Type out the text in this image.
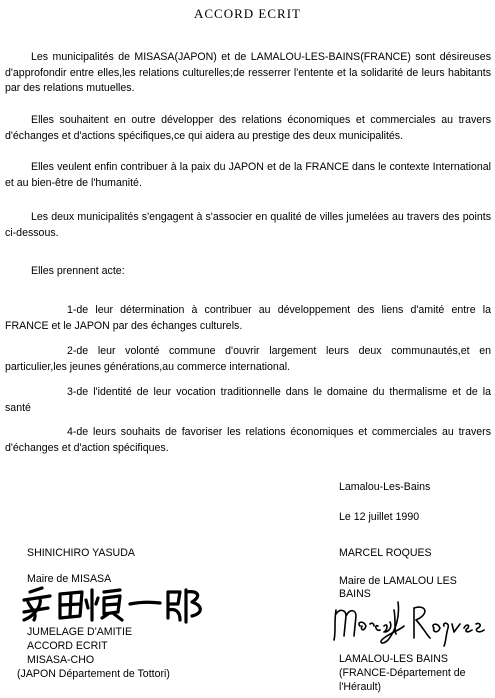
ACCORD ECRIT

Les municipalités de MISASA(JAPON) et de LAMALOU-LES-BAINS(FRANCE) sont désireuses d'approfondir entre elles,les relations culturelles;de resserrer l'entente et la solidarité de leurs habitants par des relations mutuelles.

Elles souhaitent en outre développer des relations économiques et commerciales au travers d'échanges et d'actions spécifiques,ce qui aidera au prestige des deux municipalités.

Elles veulent enfin contribuer à la paix du JAPON et de la FRANCE dans le contexte International et au bien-être de l'humanité.

Les deux municipalités s'engagent à s'associer en qualité de villes jumelées au travers des points ci-dessous.

Elles prennent acte:

1-de leur détermination à contribuer au développement des liens d'amité entre la FRANCE et le JAPON par des échanges culturels.

2-de leur volonté commune d'ouvrir largement leurs deux communautés,et en particulier,les jeunes générations,au commerce international.

3-de l'identité de leur vocation traditionnelle dans le domaine du thermalisme et de la santé

4-de leurs souhaits de favoriser les relations économiques et commerciales au travers d'échanges et d'action spécifiques.

Lamalou-Les-Bains
Le 12 juillet 1990
SHINICHIRO YASUDA
Maire de MISASA
JUMELAGE D'AMITIE
ACCORD ECRIT
MISASA-CHO
(JAPON Département de Tottori)
MARCEL ROQUES
Maire de LAMALOU LES
BAINS
LAMALOU-LES BAINS
(FRANCE-Département de
l'Hérault)
